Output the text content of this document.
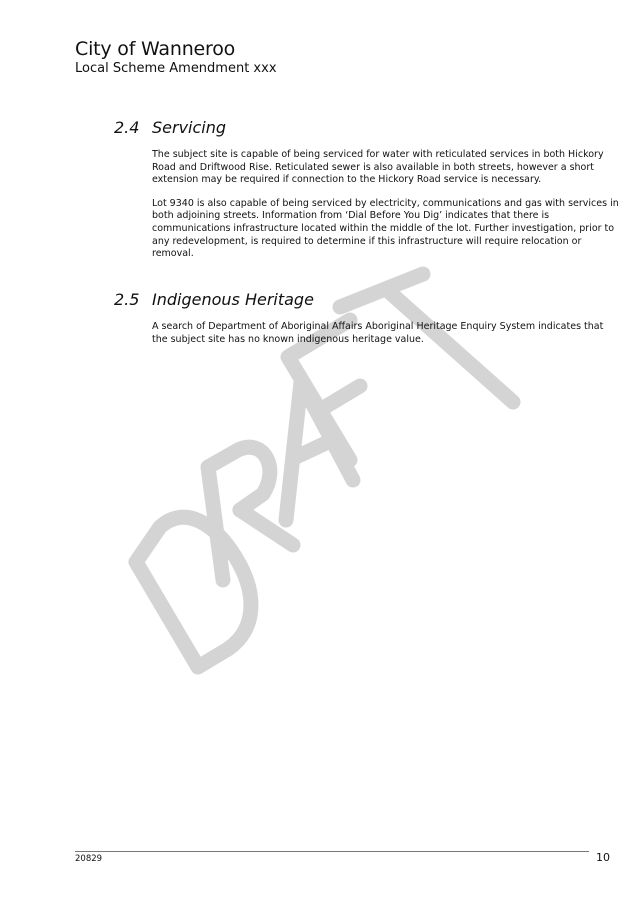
City of Wanneroo
Local Scheme Amendment xxx
2.4 Servicing

The subject site is capable of being serviced for water with reticulated services in both Hickory
Road and Driftwood Rise. Reticulated sewer is also available in both streets, however a short
extension may be required if connection to the Hickory Road service is necessary.

Lot 9340 is also capable of being serviced by electricity, communications and gas with services in
both adjoining streets. Information from ‘Dial Before You Dig’ indicates that there is
communications infrastructure located within the middle of the lot. Further investigation, prior to
any redevelopment, is required to determine if this infrastructure will require relocation or
removal.

2.5 Indigenous Heritage

A search of Department of Aboriginal Affairs Aboriginal Heritage Enquiry System indicates that
the subject site has no known indigenous heritage value.

20829	10
